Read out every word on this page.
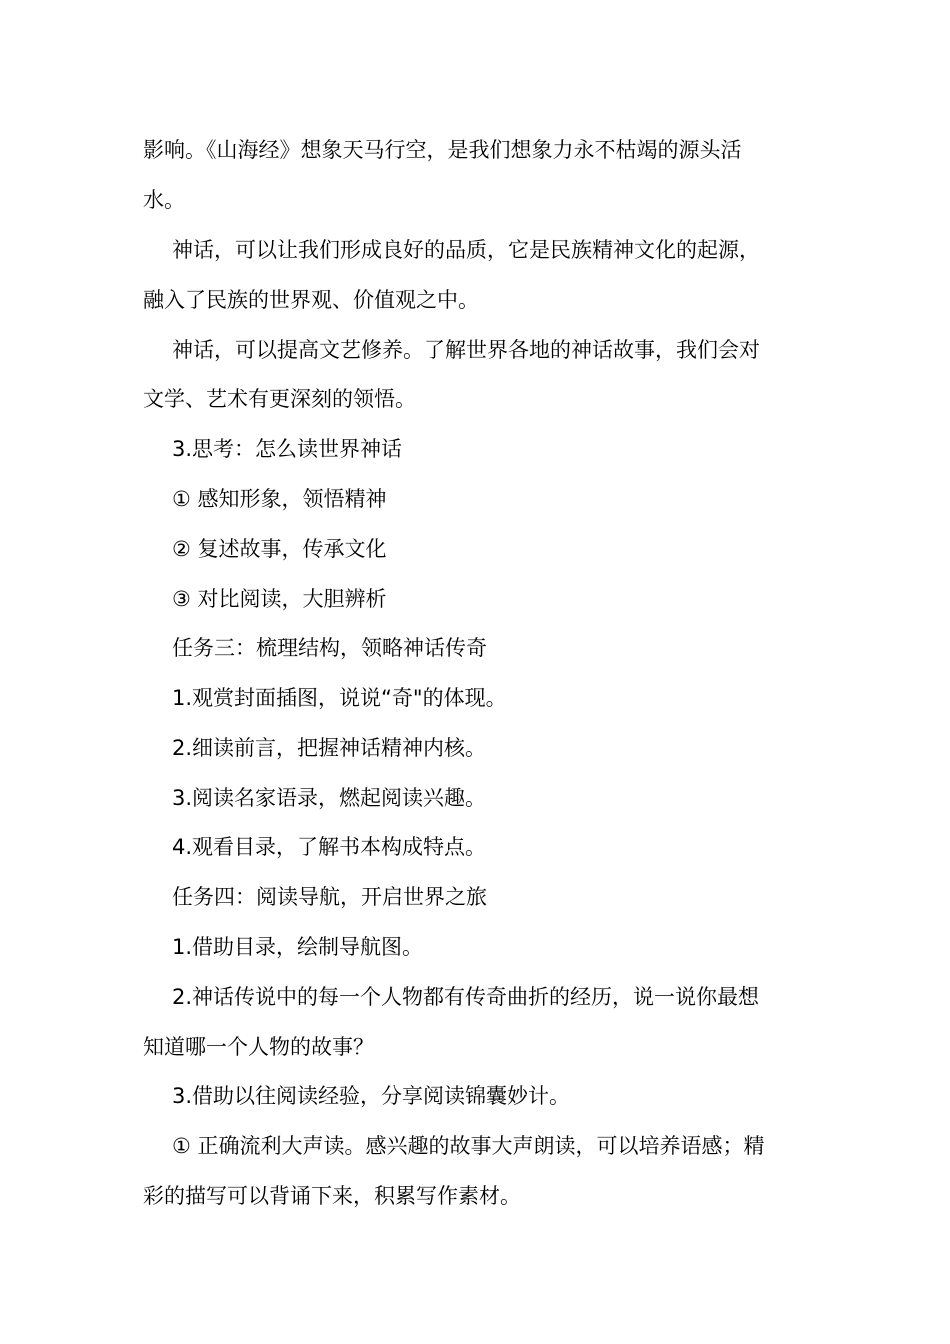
影响。《山海经》想象天马行空，是我们想象力永不枯竭的源头活
水。
神话，可以让我们形成良好的品质，它是民族精神文化的起源，
融入了民族的世界观、价值观之中。
神话，可以提高文艺修养。了解世界各地的神话故事，我们会对
文学、艺术有更深刻的领悟。
3.思考：怎么读世界神话
① 感知形象，领悟精神
② 复述故事，传承文化
③ 对比阅读，大胆辨析
任务三：梳理结构，领略神话传奇
1.观赏封面插图，说说“奇"的体现。
2.细读前言，把握神话精神内核。
3.阅读名家语录，燃起阅读兴趣。
4.观看目录，了解书本构成特点。
任务四：阅读导航，开启世界之旅
1.借助目录，绘制导航图。
2.神话传说中的每一个人物都有传奇曲折的经历，说一说你最想
知道哪一个人物的故事？
3.借助以往阅读经验，分享阅读锦囊妙计。
① 正确流利大声读。感兴趣的故事大声朗读，可以培养语感；精
彩的描写可以背诵下来，积累写作素材。
